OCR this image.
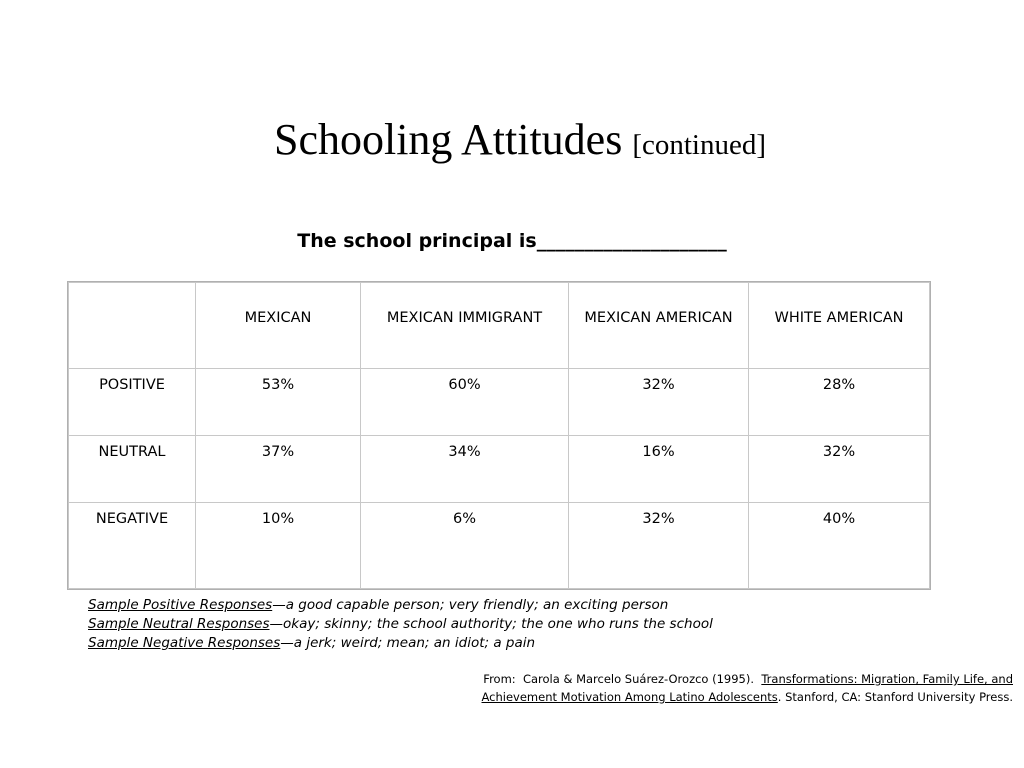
Schooling Attitudes [continued]
The school principal is____________________
	MEXICAN	MEXICAN IMMIGRANT	MEXICAN AMERICAN	WHITE AMERICAN
POSITIVE	53%	60%	32%	28%
NEUTRAL	37%	34%	16%	32%
NEGATIVE	10%	6%	32%	40%
Sample Positive Responses—a good capable person; very friendly; an exciting person
Sample Neutral Responses—okay; skinny; the school authority; the one who runs the school
Sample Negative Responses—a jerk; weird; mean; an idiot; a pain
From:  Carola & Marcelo Suárez-Orozco (1995).  Transformations: Migration, Family Life, and
Achievement Motivation Among Latino Adolescents. Stanford, CA: Stanford University Press.
